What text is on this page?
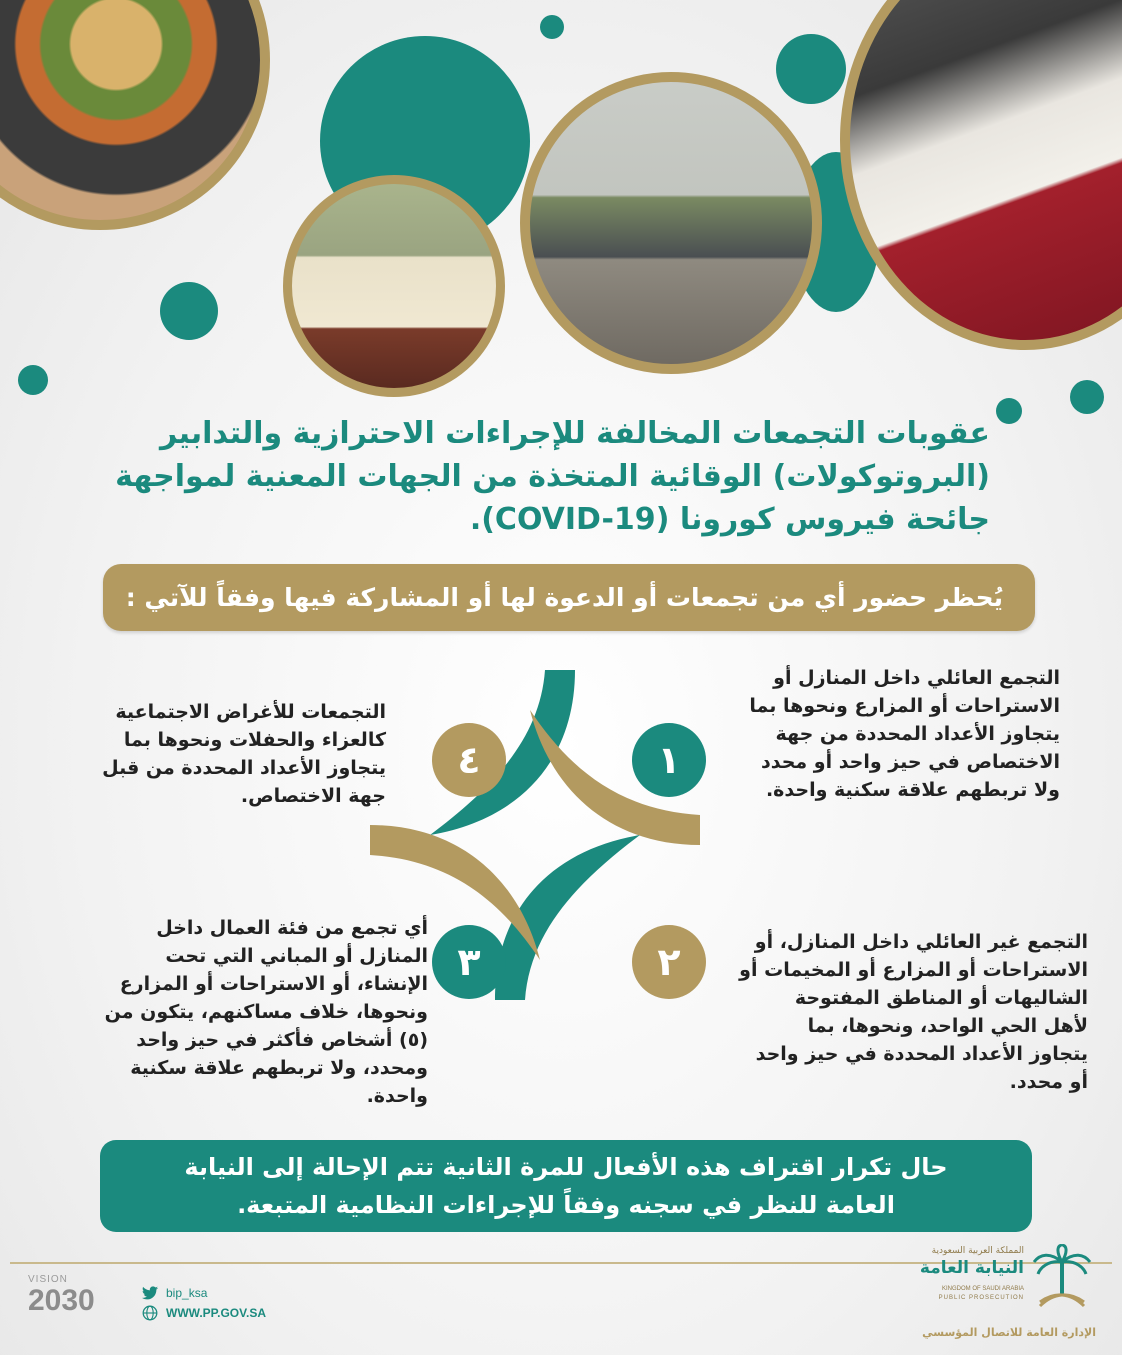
عقوبات التجمعات المخالفة للإجراءات الاحترازية والتدابير
(البروتوكولات) الوقائية المتخذة من الجهات المعنية لمواجهة
جائحة فيروس كورونا (COVID-19).
يُحظر حضور أي من تجمعات أو الدعوة لها أو المشاركة فيها وفقاً للآتي :
١
٢
٣
٤
التجمع العائلي داخل المنازل أو
الاستراحات أو المزارع ونحوها بما
يتجاوز الأعداد المحددة من جهة
الاختصاص في حيز واحد أو محدد
ولا تربطهم علاقة سكنية واحدة.
التجمع غير العائلي داخل المنازل، أو
الاستراحات أو المزارع أو المخيمات أو
الشاليهات أو المناطق المفتوحة
لأهل الحي الواحد، ونحوها، بما
يتجاوز الأعداد المحددة في حيز واحد
أو محدد.
أي تجمع من فئة العمال داخل
المنازل أو المباني التي تحت
الإنشاء، أو الاستراحات أو المزارع
ونحوها، خلاف مساكنهم، يتكون من
(٥) أشخاص فأكثر في حيز واحد
ومحدد، ولا تربطهم علاقة سكنية
واحدة.
التجمعات للأغراض الاجتماعية
كالعزاء والحفلات ونحوها بما
يتجاوز الأعداد المحددة من قبل
جهة الاختصاص.
حال تكرار اقتراف هذه الأفعال للمرة الثانية تتم الإحالة إلى النيابة
العامة للنظر في سجنه وفقاً للإجراءات النظامية المتبعة.
VISION
2030	bip_ksa
WWW.PP.GOV.SA
المملكة العربية السعودية
النيابة العامة
KINGDOM OF SAUDI ARABIA
PUBLIC PROSECUTION
الإدارة العامة للاتصال المؤسسي
